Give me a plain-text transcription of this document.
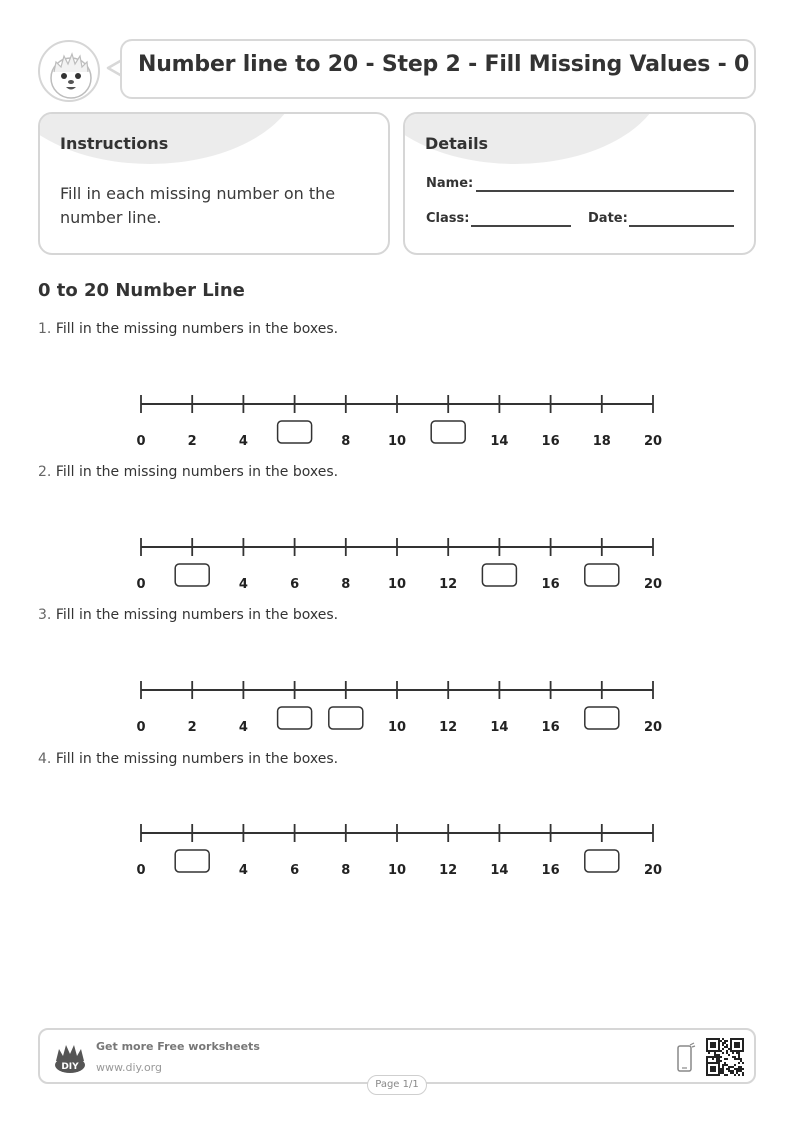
Number line to 20 - Step 2 - Fill Missing Values - 0
Instructions
Fill in each missing number on the number line.
Details
Name:
Class:	Date:
0 to 20 Number Line
1. Fill in the missing numbers in the boxes.
0	2	4	8	10	14	16	18	20
2. Fill in the missing numbers in the boxes.
0	4	6	8	10	12	16	20
3. Fill in the missing numbers in the boxes.
0	2	4	10	12	14	16	20
4. Fill in the missing numbers in the boxes.
0	4	6	8	10	12	14	16	20
DIY
Get more Free worksheets
www.diy.org
Page 1/1
